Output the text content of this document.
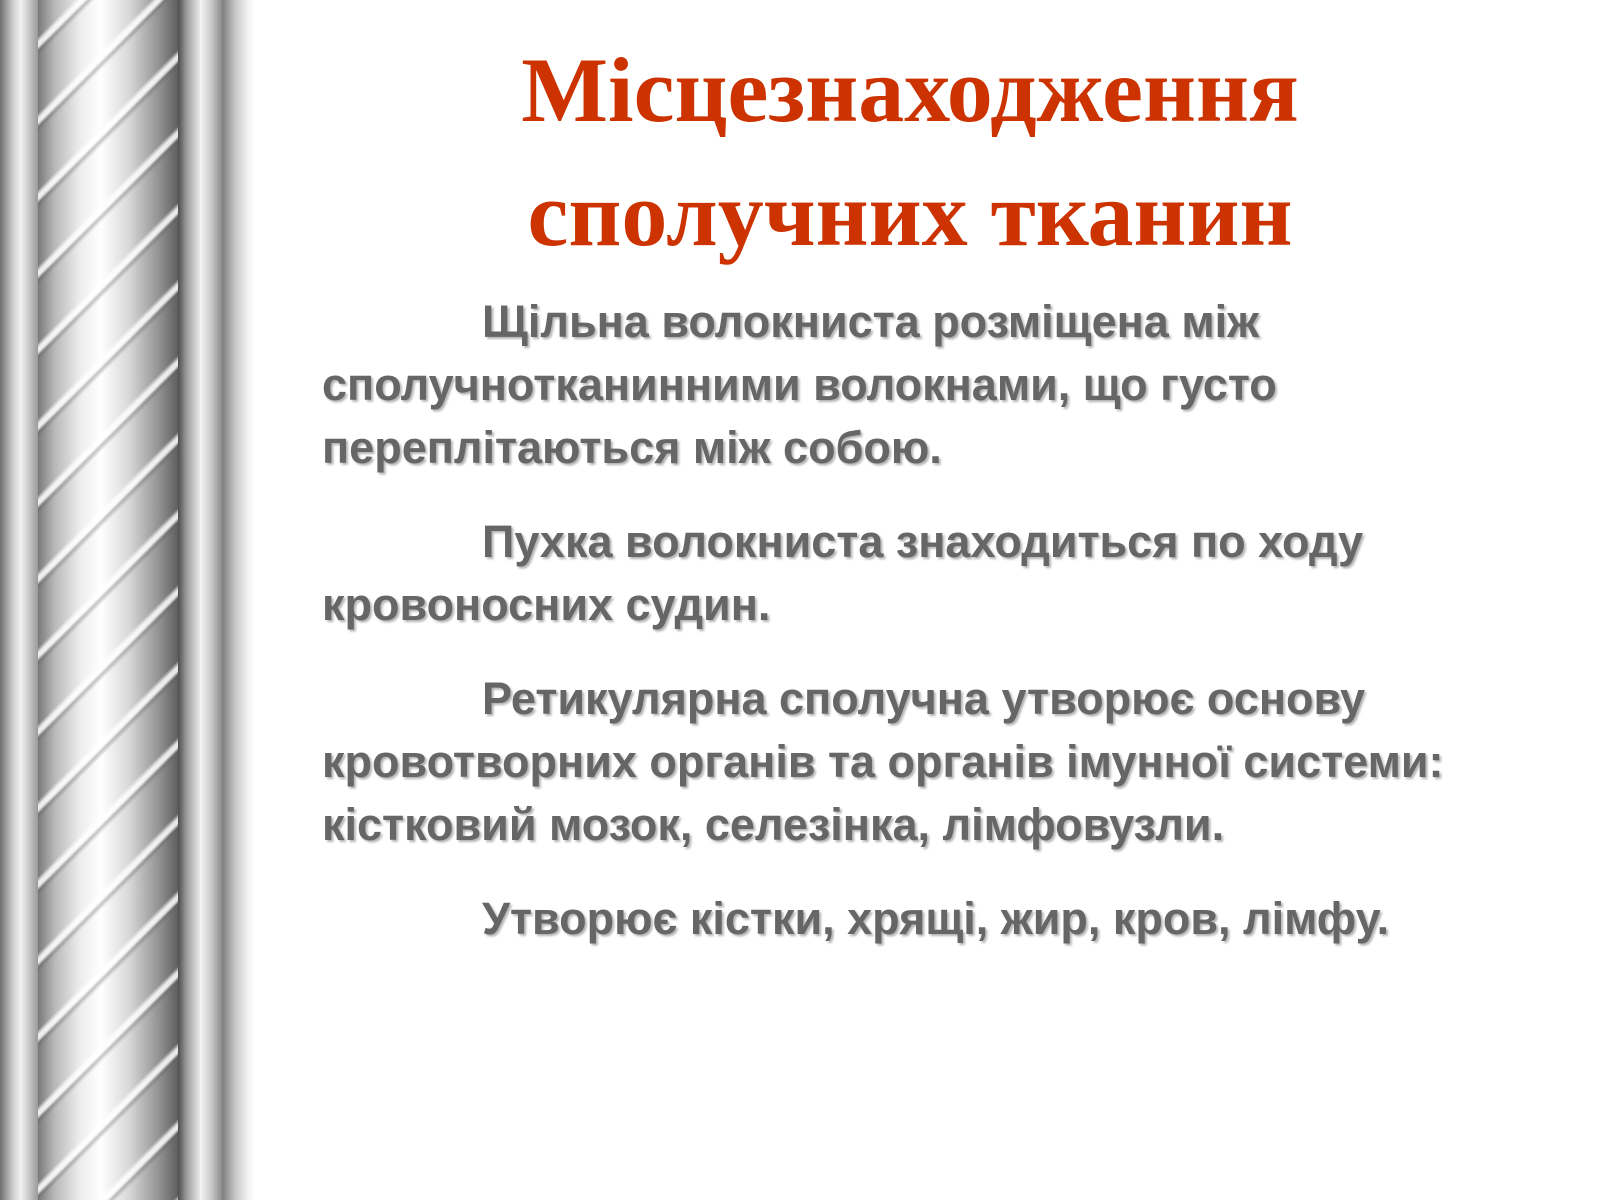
Місцезнаходження
сполучних тканин

Щільна волокниста розміщена між сполучнотканинними волокнами, що густо переплітаються між собою.

Пухка волокниста знаходиться по ходу кровоносних судин.

Ретикулярна сполучна утворює основу кровотворних органів та органів імунної системи: кістковий мозок, селезінка, лімфовузли.

Утворює кістки, хрящі, жир, кров, лімфу.
